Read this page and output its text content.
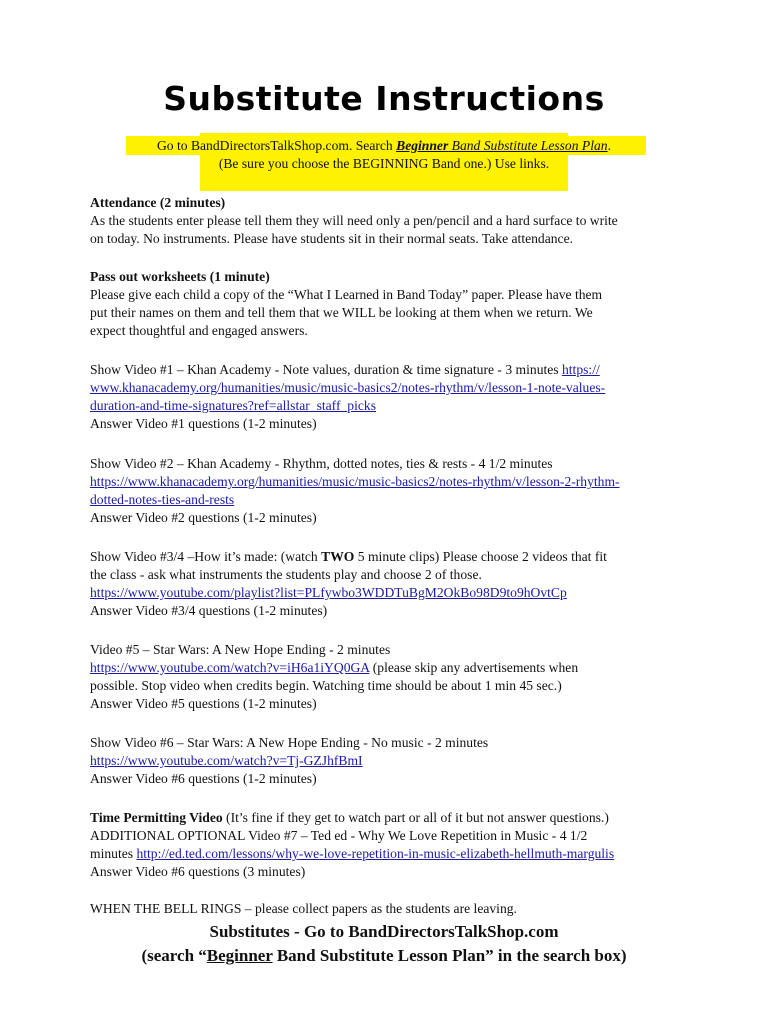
Substitute Instructions
Go to BandDirectorsTalkShop.com. Search Beginner Band Substitute Lesson Plan.
(Be sure you choose the BEGINNING Band one.) Use links.

Attendance (2 minutes)

As the students enter please tell them they will need only a pen/pencil and a hard surface to write

on today. No instruments. Please have students sit in their normal seats. Take attendance.

Pass out worksheets (1 minute)

Please give each child a copy of the “What I Learned in Band Today” paper. Please have them

put their names on them and tell them that we WILL be looking at them when we return. We

expect thoughtful and engaged answers.

Show Video #1 – Khan Academy - Note values, duration & time signature - 3 minutes https://

www.khanacademy.org/humanities/music/music-basics2/notes-rhythm/v/lesson-1-note-values-

duration-and-time-signatures?ref=allstar_staff_picks

Answer Video #1 questions (1-2 minutes)

Show Video #2 – Khan Academy - Rhythm, dotted notes, ties & rests - 4 1/2 minutes

https://www.khanacademy.org/humanities/music/music-basics2/notes-rhythm/v/lesson-2-rhythm-

dotted-notes-ties-and-rests

Answer Video #2 questions (1-2 minutes)

Show Video #3/4 –How it’s made: (watch TWO 5 minute clips) Please choose 2 videos that fit

the class - ask what instruments the students play and choose 2 of those.

https://www.youtube.com/playlist?list=PLfywbo3WDDTuBgM2OkBo98D9to9hOvtCp

Answer Video #3/4 questions (1-2 minutes)

Video #5 – Star Wars: A New Hope Ending - 2 minutes

https://www.youtube.com/watch?v=iH6a1iYQ0GA (please skip any advertisements when

possible. Stop video when credits begin. Watching time should be about 1 min 45 sec.)

Answer Video #5 questions (1-2 minutes)

Show Video #6 – Star Wars: A New Hope Ending - No music - 2 minutes

https://www.youtube.com/watch?v=Tj-GZJhfBmI

Answer Video #6 questions (1-2 minutes)

Time Permitting Video (It’s fine if they get to watch part or all of it but not answer questions.)

ADDITIONAL OPTIONAL Video #7 – Ted ed - Why We Love Repetition in Music - 4 1/2

minutes http://ed.ted.com/lessons/why-we-love-repetition-in-music-elizabeth-hellmuth-margulis

Answer Video #6 questions (3 minutes)

WHEN THE BELL RINGS – please collect papers as the students are leaving.

Substitutes - Go to BandDirectorsTalkShop.com
(search “Beginner Band Substitute Lesson Plan” in the search box)
